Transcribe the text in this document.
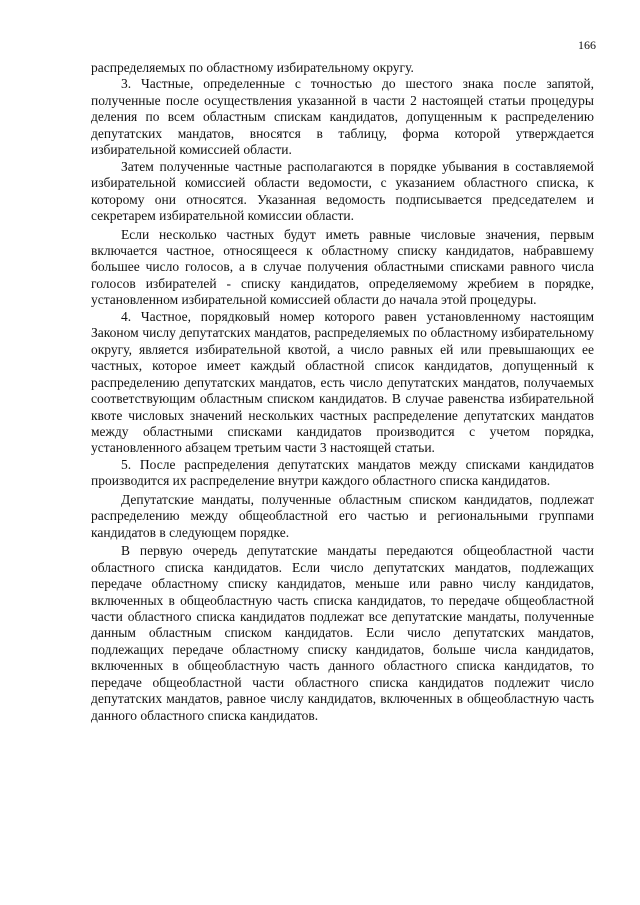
166

распределяемых по областному избирательному округу.

3. Частные, определенные с точностью до шестого знака после запятой, полученные после осуществления указанной в части 2 настоящей статьи процедуры деления по всем областным спискам кандидатов, допущенным к распределению депутатских мандатов, вносятся в таблицу, форма которой утверждается избирательной комиссией области.

Затем полученные частные располагаются в порядке убывания в составляемой избирательной комиссией области ведомости, с указанием областного списка, к которому они относятся. Указанная ведомость подписывается председателем и секретарем избирательной комиссии области.

Если несколько частных будут иметь равные числовые значения, первым включается частное, относящееся к областному списку кандидатов, набравшему большее число голосов, а в случае получения областными списками равного числа голосов избирателей - списку кандидатов, определяемому жребием в порядке, установленном избирательной комиссией области до начала этой процедуры.

4. Частное, порядковый номер которого равен установленному настоящим Законом числу депутатских мандатов, распределяемых по областному избирательному округу, является избирательной квотой, а число равных ей или превышающих ее частных, которое имеет каждый областной список кандидатов, допущенный к распределению депутатских мандатов, есть число депутатских мандатов, получаемых соответствующим областным списком кандидатов. В случае равенства избирательной квоте числовых значений нескольких частных распределение депутатских мандатов между областными списками кандидатов производится с учетом порядка, установленного абзацем третьим части 3 настоящей статьи.

5. После распределения депутатских мандатов между списками кандидатов производится их распределение внутри каждого областного списка кандидатов.

Депутатские мандаты, полученные областным списком кандидатов, подлежат распределению между общеобластной его частью и региональными группами кандидатов в следующем порядке.

В первую очередь депутатские мандаты передаются общеобластной части областного списка кандидатов. Если число депутатских мандатов, подлежащих передаче областному списку кандидатов, меньше или равно числу кандидатов, включенных в общеобластную часть списка кандидатов, то передаче общеобластной части областного списка кандидатов подлежат все депутатские мандаты, полученные данным областным списком кандидатов. Если число депутатских мандатов, подлежащих передаче областному списку кандидатов, больше числа кандидатов, включенных в общеобластную часть данного областного списка кандидатов, то передаче общеобластной части областного списка кандидатов подлежит число депутатских мандатов, равное числу кандидатов, включенных в общеобластную часть данного областного списка кандидатов.
